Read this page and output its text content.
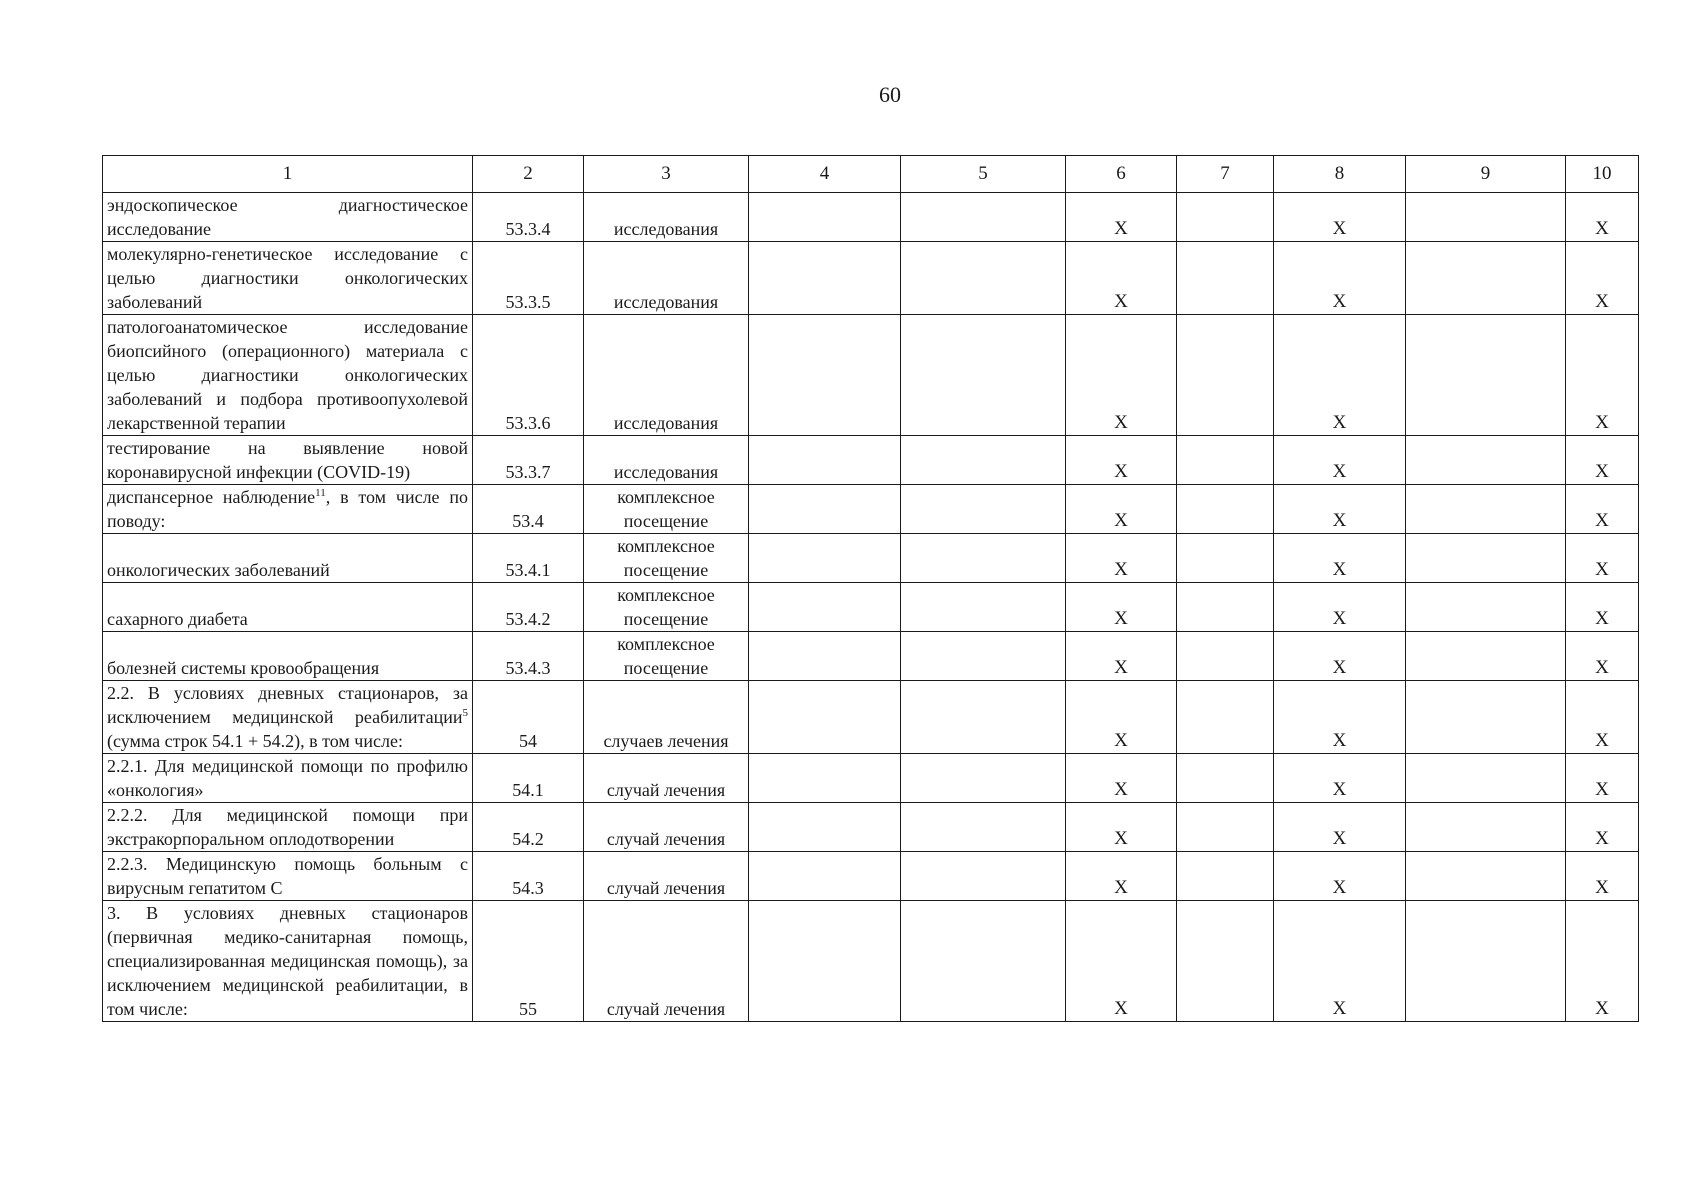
60
1	2	3	4	5	6	7	8	9	10
эндоскопическое диагностическое исследование	53.3.4	исследования			X		X		X
молекулярно-генетическое исследование с целью диагностики онкологических заболеваний	53.3.5	исследования			X		X		X
патологоанатомическое исследование биопсийного (операционного) материала с целью диагностики онкологических заболеваний и подбора противоопухолевой лекарственной терапии	53.3.6	исследования			X		X		X
тестирование на выявление новой коронавирусной инфекции (COVID-19)	53.3.7	исследования			X		X		X
диспансерное наблюдение$^{11}$, в том числе по поводу:	53.4	комплексное посещение			X		X		X
онкологических заболеваний	53.4.1	комплексное посещение			X		X		X
сахарного диабета	53.4.2	комплексное посещение			X		X		X
болезней системы кровообращения	53.4.3	комплексное посещение			X		X		X
2.2. В условиях дневных стационаров, за исключением медицинской реабилитации$^5$ (сумма строк 54.1 + 54.2), в том числе:	54	случаев лечения			X		X		X
2.2.1. Для медицинской помощи по профилю «онкология»	54.1	случай лечения			X		X		X
2.2.2. Для медицинской помощи при экстракорпоральном оплодотворении	54.2	случай лечения			X		X		X
2.2.3. Медицинскую помощь больным с вирусным гепатитом С	54.3	случай лечения			X		X		X
3. В условиях дневных стационаров (первичная медико-санитарная помощь, специализированная медицинская помощь), за исключением медицинской реабилитации, в том числе:	55	случай лечения			X		X		X
